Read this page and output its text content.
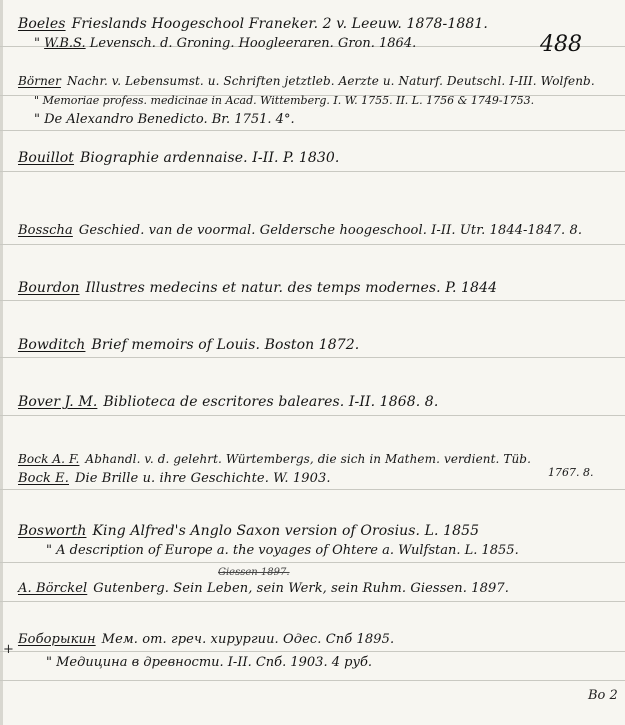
488
Boeles Frieslands Hoogeschool Franeker. 2 v. Leeuw. 1878-1881.
" W.B.S. Levensch. d. Groning. Hoogleeraren. Gron. 1864.
Börner Nachr. v. Lebensumst. u. Schriften jetztleb. Aerzte u. Naturf. Deutschl. I-III. Wolfenb.
" Memoriae profess. medicinae in Acad. Wittemberg. I. W. 1755. II. L. 1756 & 1749-1753.
" De Alexandro Benedicto. Br. 1751. 4°.
Bouillot Biographie ardennaise. I-II. P. 1830.
Bosscha Geschied. van de voormal. Geldersche hoogeschool. I-II. Utr. 1844-1847. 8.
Bourdon Illustres medecins et natur. des temps modernes. P. 1844
Bowditch Brief memoirs of Louis. Boston 1872.
Bover J. M. Biblioteca de escritores baleares. I-II. 1868. 8.
Bock A. F. Abhandl. v. d. gelehrt. Würtembergs, die sich in Mathem. verdient. Tüb.
1767. 8.
Bock E. Die Brille u. ihre Geschichte. W. 1903.
Bosworth King Alfred's Anglo Saxon version of Orosius. L. 1855
" A description of Europe a. the voyages of Ohtere a. Wulfstan. L. 1855.
A. Börckel Gutenberg. Sein Leben, sein Werk, sein Ruhm. Giessen. 1897.
Giessen 1897.
+
Боборыкин Мем. от. греч. хирургии. Одес. Спб 1895.
" Медицина в древности. I-II. Спб. 1903. 4 руб.
Bo 2
